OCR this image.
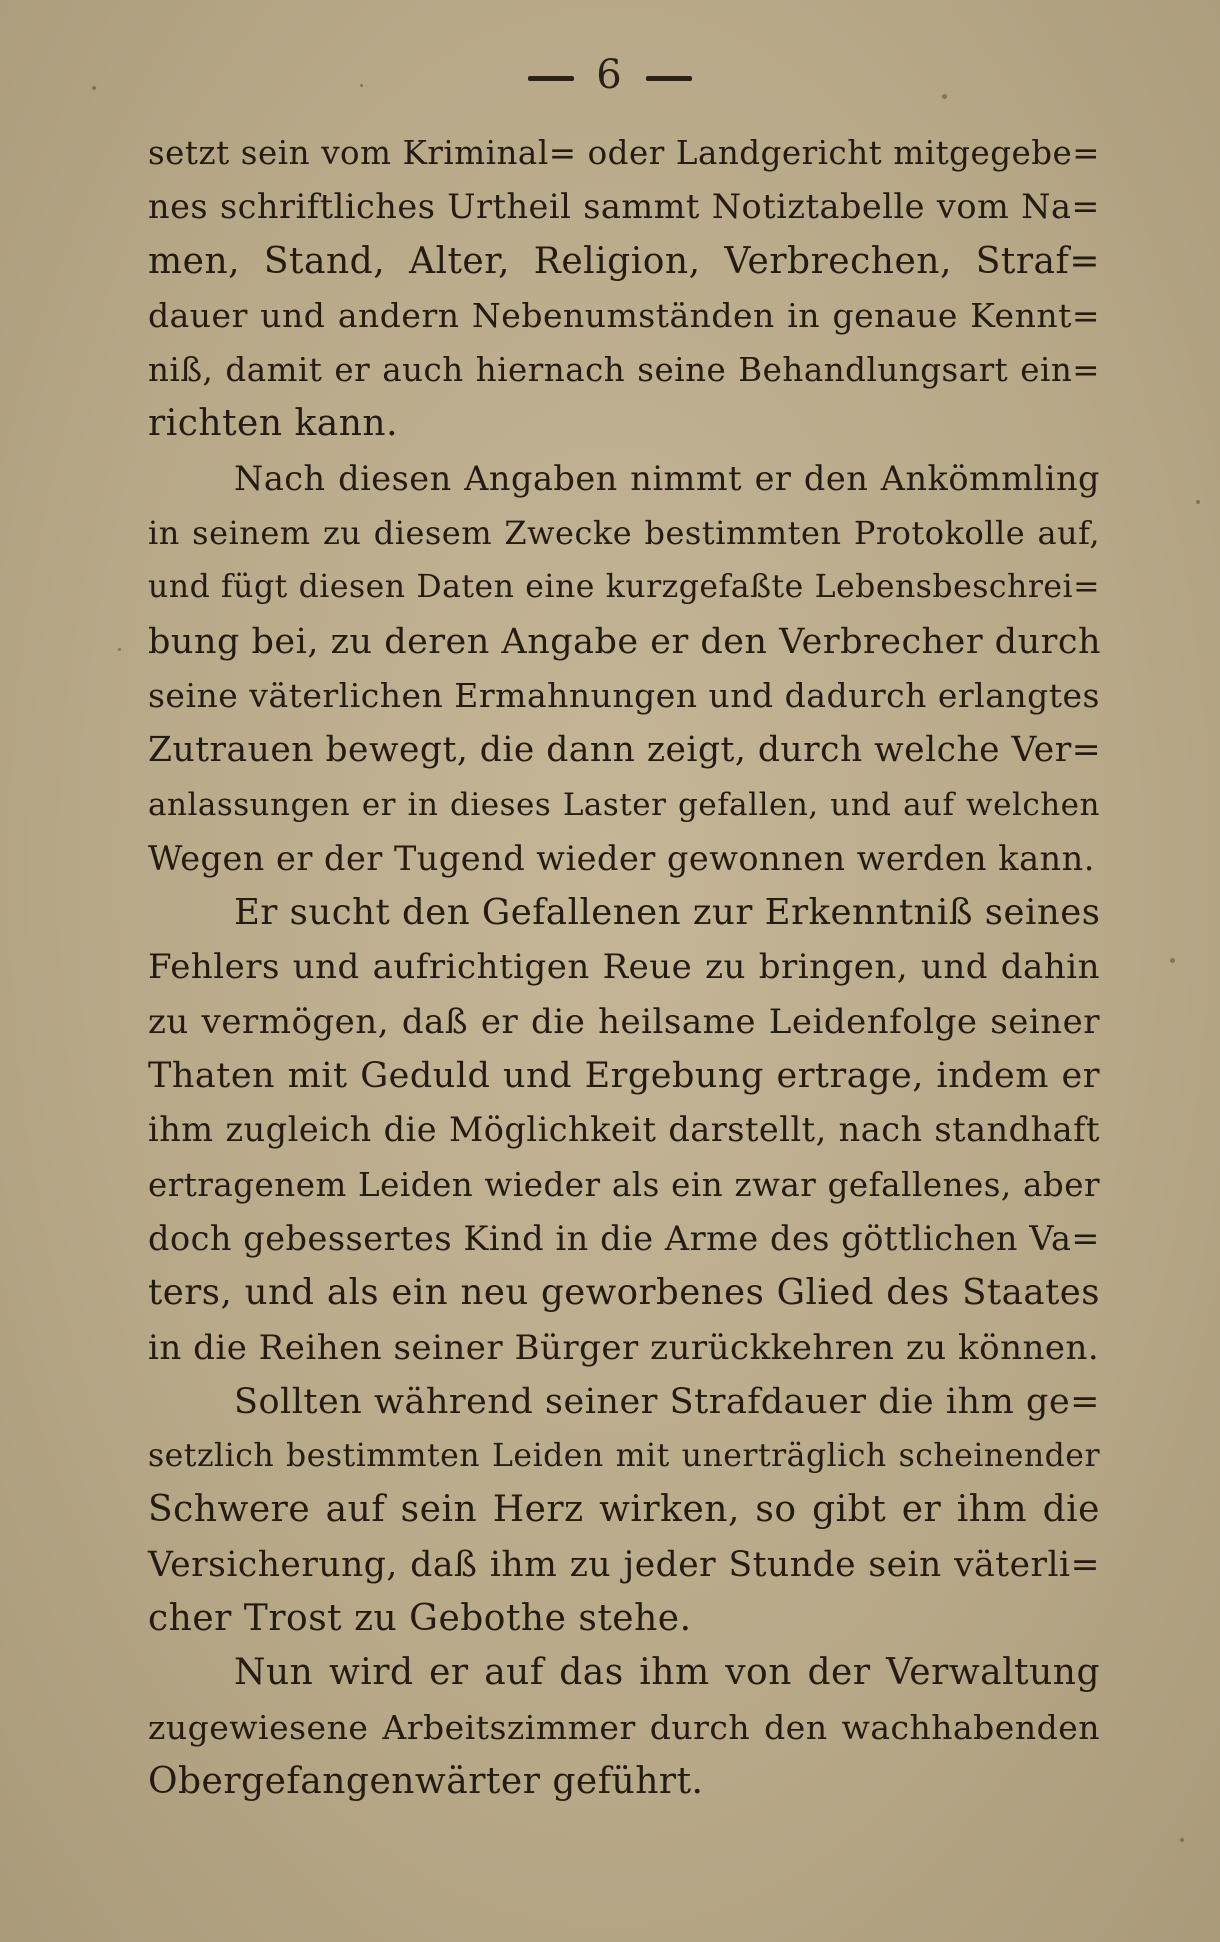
6
setzt sein vom Kriminal= oder Landgericht mitgegebe=
nes schriftliches Urtheil sammt Notiztabelle vom Na=
men, Stand, Alter, Religion, Verbrechen, Straf=
dauer und andern Nebenumständen in genaue Kennt=
niß, damit er auch hiernach seine Behandlungsart ein=
richten kann.
Nach diesen Angaben nimmt er den Ankömmling
in seinem zu diesem Zwecke bestimmten Protokolle auf,
und fügt diesen Daten eine kurzgefaßte Lebensbeschrei=
bung bei, zu deren Angabe er den Verbrecher durch
seine väterlichen Ermahnungen und dadurch erlangtes
Zutrauen bewegt, die dann zeigt, durch welche Ver=
anlassungen er in dieses Laster gefallen, und auf welchen
Wegen er der Tugend wieder gewonnen werden kann.
Er sucht den Gefallenen zur Erkenntniß seines
Fehlers und aufrichtigen Reue zu bringen, und dahin
zu vermögen, daß er die heilsame Leidenfolge seiner
Thaten mit Geduld und Ergebung ertrage, indem er
ihm zugleich die Möglichkeit darstellt, nach standhaft
ertragenem Leiden wieder als ein zwar gefallenes, aber
doch gebessertes Kind in die Arme des göttlichen Va=
ters, und als ein neu geworbenes Glied des Staates
in die Reihen seiner Bürger zurückkehren zu können.
Sollten während seiner Strafdauer die ihm ge=
setzlich bestimmten Leiden mit unerträglich scheinender
Schwere auf sein Herz wirken, so gibt er ihm die
Versicherung, daß ihm zu jeder Stunde sein väterli=
cher Trost zu Gebothe stehe.
Nun wird er auf das ihm von der Verwaltung
zugewiesene Arbeitszimmer durch den wachhabenden
Obergefangenwärter geführt.
